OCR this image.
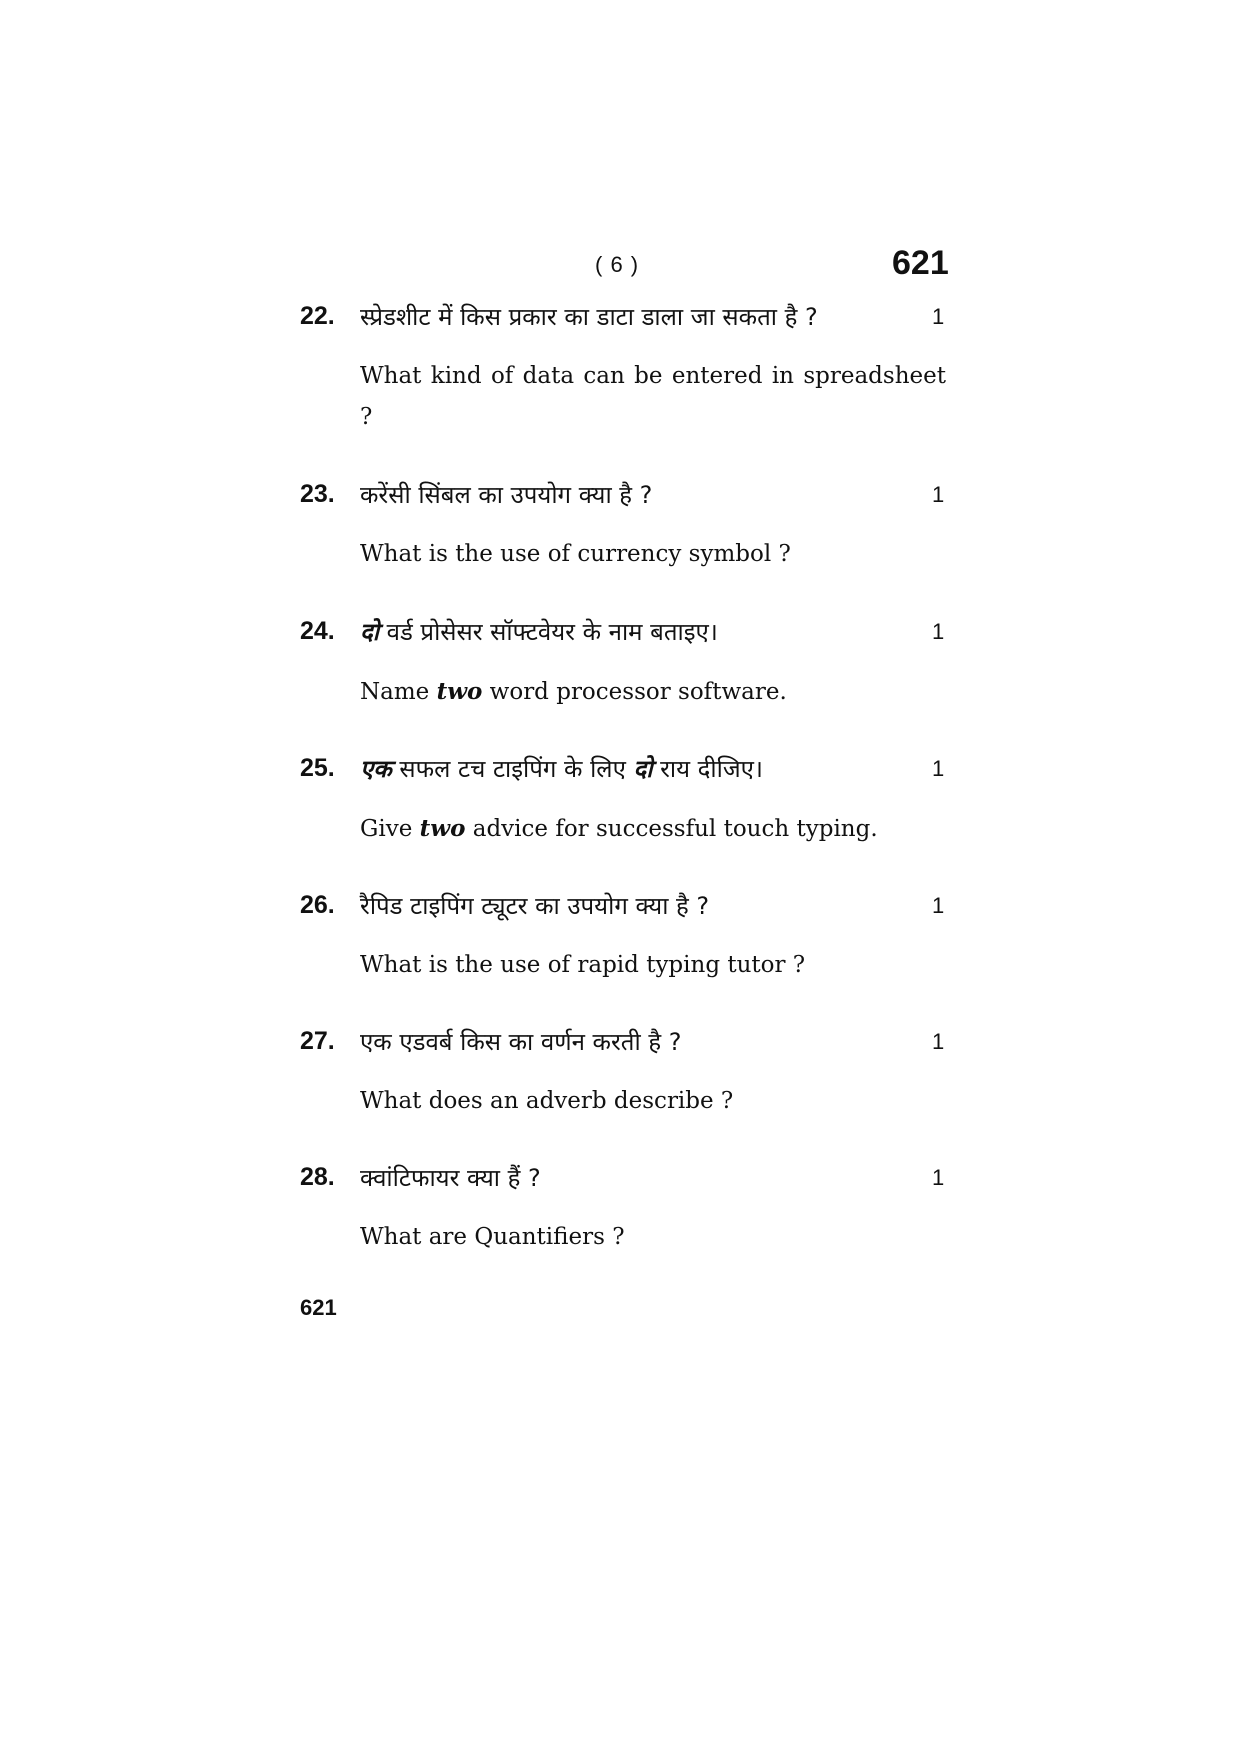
( 6 )	621
22. स्प्रेडशीट में किस प्रकार का डाटा डाला जा सकता है ?	1
What kind of data can be entered in spreadsheet ?
23. करेंसी सिंबल का उपयोग क्या है ?	1
What is the use of currency symbol ?
24. दो वर्ड प्रोसेसर सॉफ्टवेयर के नाम बताइए।	1
Name two word processor software.
25. एक सफल टच टाइपिंग के लिए दो राय दीजिए।	1
Give two advice for successful touch typing.
26. रैपिड टाइपिंग ट्यूटर का उपयोग क्या है ?	1
What is the use of rapid typing tutor ?
27. एक एडवर्ब किस का वर्णन करती है ?	1
What does an adverb describe ?
28. क्वांटिफायर क्या हैं ?	1
What are Quantifiers ?
621
